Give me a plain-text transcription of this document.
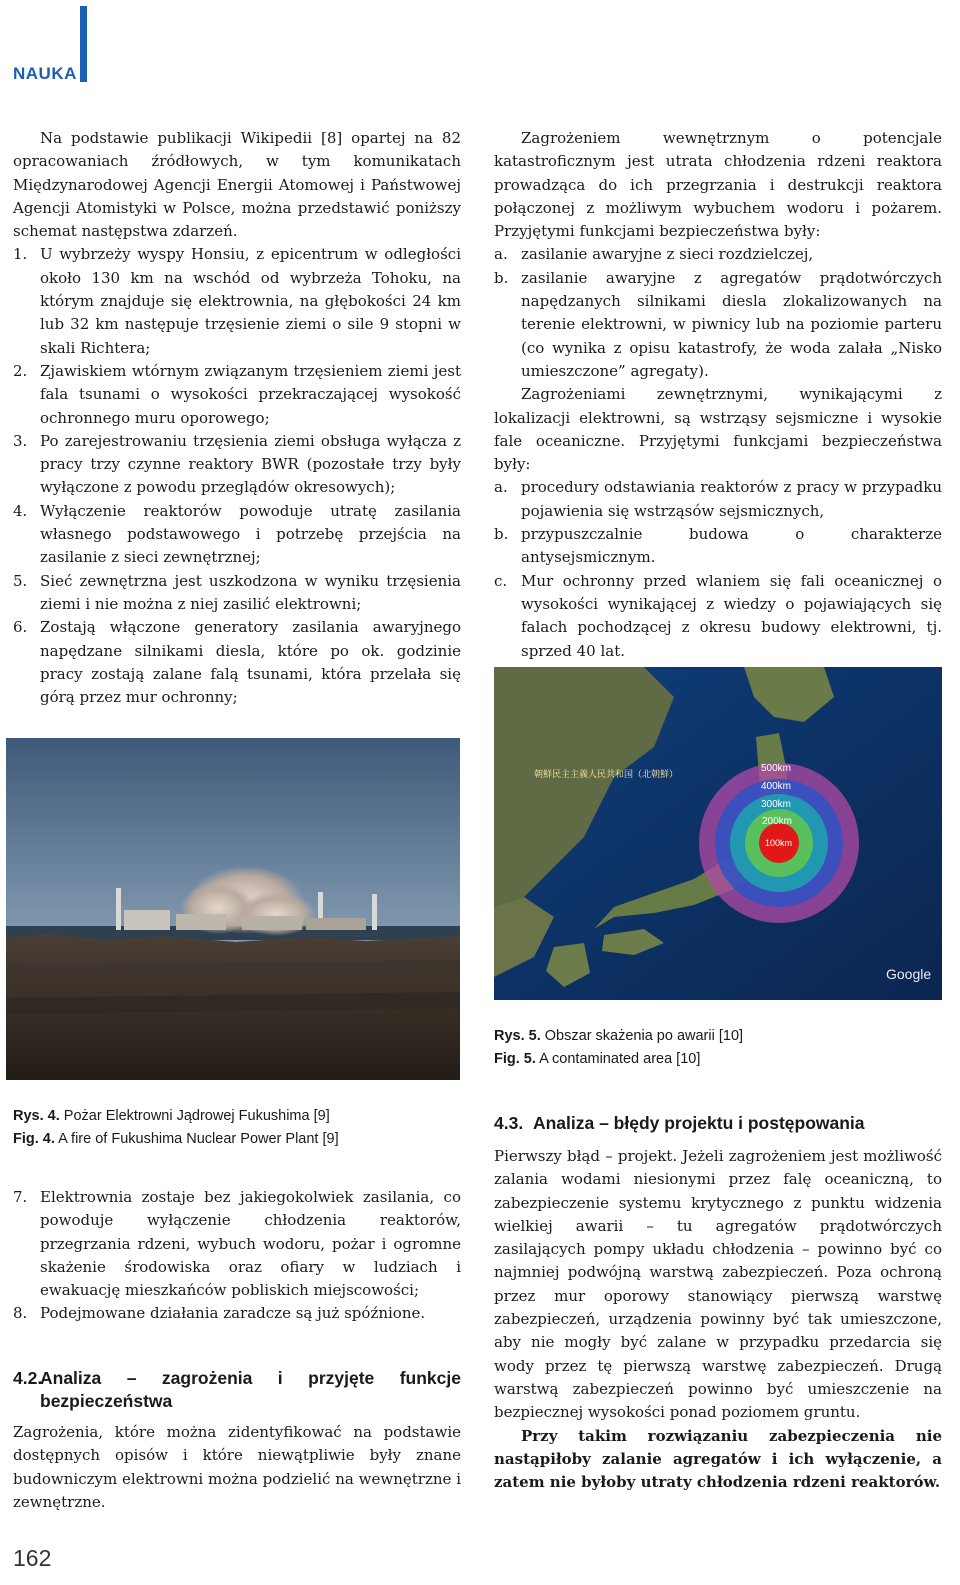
NAUKA

Na podstawie publikacji Wikipedii [8] opartej na 82 opracowaniach źródłowych, w tym komunikatach Międzynarodowej Agencji Energii Atomowej i Państwowej Agencji Atomistyki w Polsce, można przedstawić poniższy schemat następstwa zdarzeń.

1. U wybrzeży wyspy Honsiu, z epicentrum w odległości około 130 km na wschód od wybrzeża Tohoku, na którym znajduje się elektrownia, na głębokości 24 km lub 32 km następuje trzęsienie ziemi o sile 9 stopni w skali Richtera;
2. Zjawiskiem wtórnym związanym trzęsieniem ziemi jest fala tsunami o wysokości przekraczającej wysokość ochronnego muru oporowego;
3. Po zarejestrowaniu trzęsienia ziemi obsługa wyłącza z pracy trzy czynne reaktory BWR (pozostałe trzy były wyłączone z powodu przeglądów okresowych);
4. Wyłączenie reaktorów powoduje utratę zasilania własnego podstawowego i potrzebę przejścia na zasilanie z sieci zewnętrznej;
5. Sieć zewnętrzna jest uszkodzona w wyniku trzęsienia ziemi i nie można z niej zasilić elektrowni;
6. Zostają włączone generatory zasilania awaryjnego napędzane silnikami diesla, które po ok. godzinie pracy zostają zalane falą tsunami, która przelała się górą przez mur ochronny;
Rys. 4. Pożar Elektrowni Jądrowej Fukushima [9]
Fig. 4. A fire of Fukushima Nuclear Power Plant [9]
7. Elektrownia zostaje bez jakiegokolwiek zasilania, co powoduje wyłączenie chłodzenia reaktorów, przegrzania rdzeni, wybuch wodoru, pożar i ogromne skażenie środowiska oraz ofiary w ludziach i ewakuację mieszkańców pobliskich miejscowości;
8. Podejmowane działania zaradcze są już spóźnione.
4.2.
Analiza – zagrożenia i przyjęte funkcje bezpieczeństwa

Zagrożenia, które można zidentyfikować na podstawie dostępnych opisów i które niewątpliwie były znane budowniczym elektrowni można podzielić na wewnętrzne i zewnętrzne.

Zagrożeniem wewnętrznym o potencjale katastroficznym jest utrata chłodzenia rdzeni reaktora prowadząca do ich przegrzania i destrukcji reaktora połączonej z możliwym wybuchem wodoru i pożarem. Przyjętymi funkcjami bezpieczeństwa były:

a. zasilanie awaryjne z sieci rozdzielczej,
b. zasilanie awaryjne z agregatów prądotwórczych napędzanych silnikami diesla zlokalizowanych na terenie elektrowni, w piwnicy lub na poziomie parteru (co wynika z opisu katastrofy, że woda zalała „Nisko umieszczone” agregaty).

Zagrożeniami zewnętrznymi, wynikającymi z lokalizacji elektrowni, są wstrząsy sejsmiczne i wysokie fale oceaniczne. Przyjętymi funkcjami bezpieczeństwa były:

a. procedury odstawiania reaktorów z pracy w przypadku pojawienia się wstrząsów sejsmicznych,
b. przypuszczalnie budowa o charakterze antysejsmicznym.
c. Mur ochronny przed wlaniem się fali oceanicznej o wysokości wynikającej z wiedzy o pojawiających się falach pochodzącej z okresu budowy elektrowni, tj. sprzed 40 lat.
500km
400km
300km
200km
100km
朝鮮民主主義人民共和国（北朝鮮）
Google
Rys. 5. Obszar skażenia po awarii [10]
Fig. 5. A contaminated area [10]
4.3. Analiza – błędy projektu i postępowania

Pierwszy błąd – projekt. Jeżeli zagrożeniem jest możliwość zalania wodami niesionymi przez falę oceaniczną, to zabezpieczenie systemu krytycznego z punktu widzenia wielkiej awarii – tu agregatów prądotwórczych zasilających pompy układu chłodzenia – powinno być co najmniej podwójną warstwą zabezpieczeń. Poza ochroną przez mur oporowy stanowiący pierwszą warstwę zabezpieczeń, urządzenia powinny być tak umieszczone, aby nie mogły być zalane w przypadku przedarcia się wody przez tę pierwszą warstwę zabezpieczeń. Drugą warstwą zabezpieczeń powinno być umieszczenie na bezpiecznej wysokości ponad poziomem gruntu.

Przy takim rozwiązaniu zabezpieczenia nie nastąpiłoby zalanie agregatów i ich wyłączenie, a zatem nie byłoby utraty chłodzenia rdzeni reaktorów.

162
